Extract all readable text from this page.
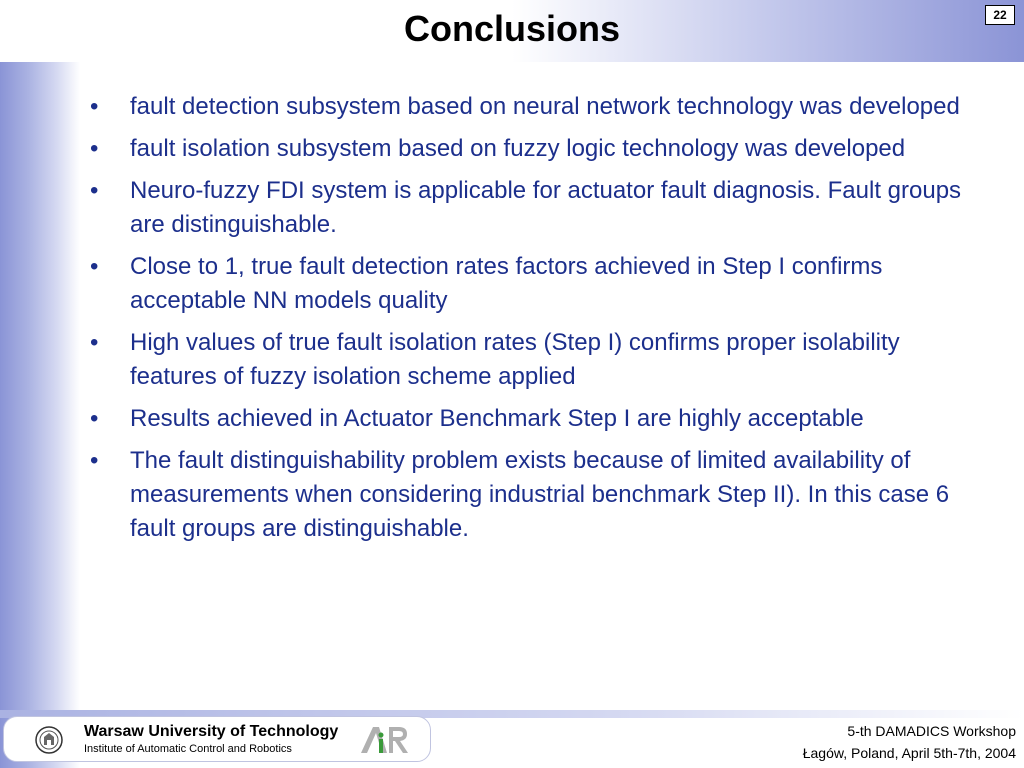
Conclusions	22
• fault detection subsystem based on neural network technology was developed
• fault isolation subsystem based on fuzzy logic technology was developed
• Neuro-fuzzy FDI system is applicable for actuator fault diagnosis. Fault groups are distinguishable.
• Close to 1, true fault detection rates factors achieved in Step I confirms acceptable NN models quality
• High values of true fault isolation rates (Step I) confirms proper isolability features of fuzzy isolation scheme applied
• Results achieved in Actuator Benchmark Step I are highly acceptable
• The fault distinguishability problem exists because of limited availability of measurements when considering industrial benchmark Step II). In this case 6 fault groups are distinguishable.
Warsaw University of Technology
Institute of Automatic Control and Robotics
5-th DAMADICS Workshop
Łagów, Poland, April 5th-7th, 2004
